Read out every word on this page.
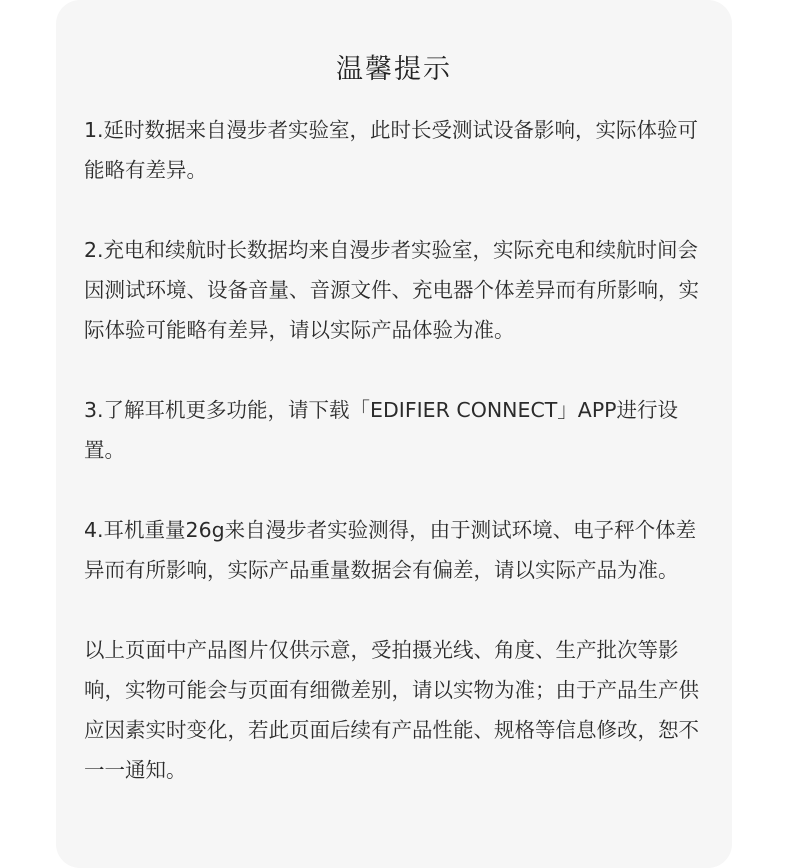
温馨提示

1.延时数据来自漫步者实验室，此时长受测试设备影响，实际体验可能略有差异。

2.充电和续航时长数据均来自漫步者实验室，实际充电和续航时间会因测试环境、设备音量、音源文件、充电器个体差异而有所影响，实际体验可能略有差异，请以实际产品体验为准。

3.了解耳机更多功能，请下载「EDIFIER CONNECT」APP进行设置。

4.耳机重量26g来自漫步者实验测得，由于测试环境、电子秤个体差异而有所影响，实际产品重量数据会有偏差，请以实际产品为准。

以上页面中产品图片仅供示意，受拍摄光线、角度、生产批次等影响，实物可能会与页面有细微差别，请以实物为准；由于产品生产供应因素实时变化，若此页面后续有产品性能、规格等信息修改，恕不一一通知。
